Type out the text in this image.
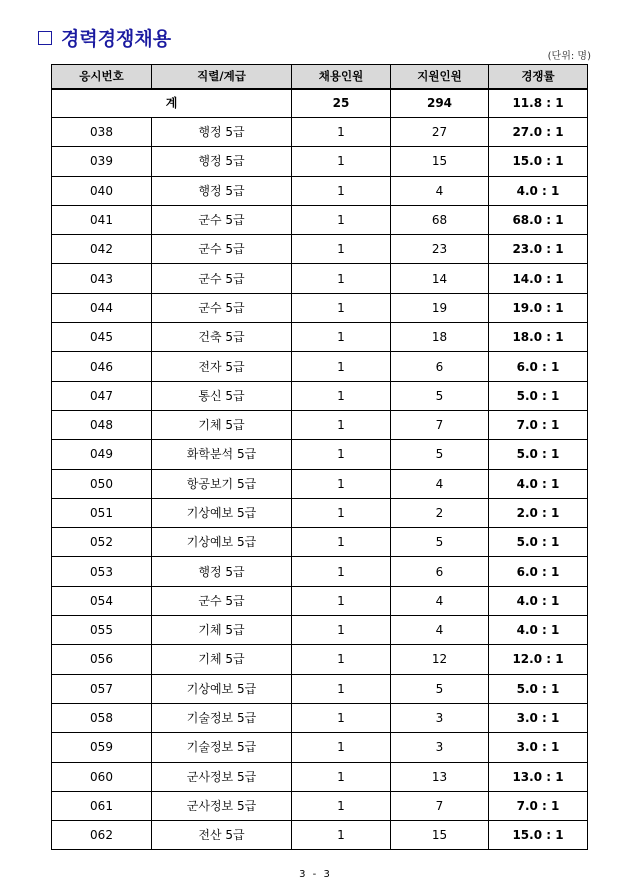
경력경쟁채용
(단위: 명)
응시번호	직렬/계급	채용인원	지원인원	경쟁률
계		25	294	11.8 : 1
038	행정 5급	1	27	27.0 : 1
039	행정 5급	1	15	15.0 : 1
040	행정 5급	1	4	4.0 : 1
041	군수 5급	1	68	68.0 : 1
042	군수 5급	1	23	23.0 : 1
043	군수 5급	1	14	14.0 : 1
044	군수 5급	1	19	19.0 : 1
045	건축 5급	1	18	18.0 : 1
046	전자 5급	1	6	6.0 : 1
047	통신 5급	1	5	5.0 : 1
048	기체 5급	1	7	7.0 : 1
049	화학분석 5급	1	5	5.0 : 1
050	항공보기 5급	1	4	4.0 : 1
051	기상예보 5급	1	2	2.0 : 1
052	기상예보 5급	1	5	5.0 : 1
053	행정 5급	1	6	6.0 : 1
054	군수 5급	1	4	4.0 : 1
055	기체 5급	1	4	4.0 : 1
056	기체 5급	1	12	12.0 : 1
057	기상예보 5급	1	5	5.0 : 1
058	기술정보 5급	1	3	3.0 : 1
059	기술정보 5급	1	3	3.0 : 1
060	군사정보 5급	1	13	13.0 : 1
061	군사정보 5급	1	7	7.0 : 1
062	전산 5급	1	15	15.0 : 1
3 - 3
